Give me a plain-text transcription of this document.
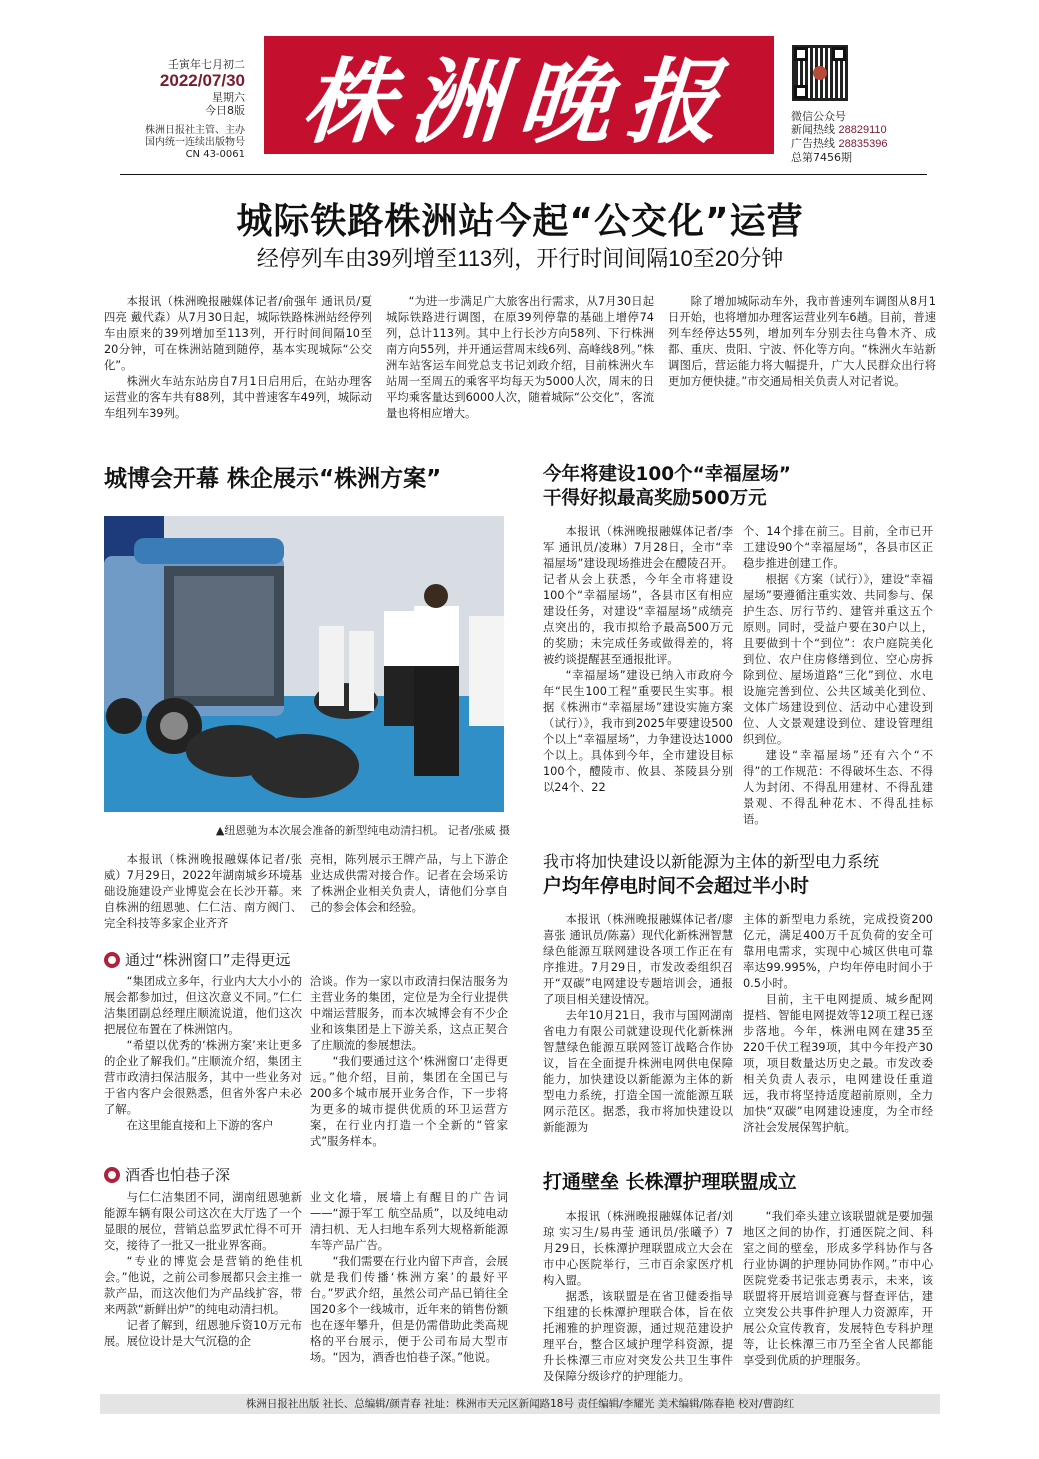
壬寅年七月初二
2022/07/30
星期六
今日8版
株洲日报社主管、主办
国内统一连续出版物号
CN 43-0061 株洲晚报	微信公众号
新闻热线 28829110
广告热线 28835396
总第7456期
城际铁路株洲站今起“公交化”运营
经停列车由39列增至113列，开行时间间隔10至20分钟

本报讯（株洲晚报融媒体记者/俞强年 通讯员/夏四亮 戴代森）从7月30日起，城际铁路株洲站经停列车由原来的39列增加至113列，开行时间间隔10至20分钟，可在株洲站随到随停，基本实现城际“公交化”。

株洲火车站东站房自7月1日启用后，在站办理客运营业的客车共有88列，其中普速客车49列，城际动车组列车39列。

“为进一步满足广大旅客出行需求，从7月30日起城际铁路进行调图，在原39列停靠的基础上增停74列，总计113列。其中上行长沙方向58列、下行株洲南方向55列，并开通运营周末线6列、高峰线8列。”株洲车站客运车间党总支书记刘政介绍，目前株洲火车站周一至周五的乘客平均每天为5000人次，周末的日平均乘客量达到6000人次，随着城际“公交化”，客流量也将相应增大。

除了增加城际动车外，我市普速列车调图从8月1日开始，也将增加办理客运营业列车6趟。目前，普速列车经停达55列，增加列车分别去往乌鲁木齐、成都、重庆、贵阳、宁波、怀化等方向。“株洲火车站新调图后，营运能力将大幅提升，广大人民群众出行将更加方便快捷。”市交通局相关负责人对记者说。

城博会开幕 株企展示“株洲方案”
▲纽恩驰为本次展会准备的新型纯电动清扫机。 记者/张威 摄

本报讯（株洲晚报融媒体记者/张威）7月29日，2022年湖南城乡环境基础设施建设产业博览会在长沙开幕。来自株洲的纽恩驰、仁仁洁、南方阀门、完全科技等多家企业齐齐

亮相，陈列展示王牌产品，与上下游企业达成供需对接合作。记者在会场采访了株洲企业相关负责人，请他们分享自己的参会体会和经验。

通过“株洲窗口”走得更远

“集团成立多年，行业内大大小小的展会都参加过，但这次意义不同。”仁仁洁集团副总经理庄顺流说道，他们这次把展位布置在了株洲馆内。

“希望以优秀的‘株洲方案’来让更多的企业了解我们。”庄顺流介绍，集团主营市政清扫保洁服务，其中一些业务对于省内客户会很熟悉，但省外客户未必了解。

在这里能直接和上下游的客户

洽谈。作为一家以市政清扫保洁服务为主营业务的集团，定位是为全行业提供中端运营服务，而本次城博会有不少企业和该集团是上下游关系，这点正契合了庄顺流的参展想法。

“我们要通过这个‘株洲窗口’走得更远。”他介绍，目前，集团在全国已与200多个城市展开业务合作，下一步将为更多的城市提供优质的环卫运营方案，在行业内打造一个全新的“管家式”服务样本。

酒香也怕巷子深

与仁仁洁集团不同，湖南纽恩驰新能源车辆有限公司这次在大厅选了一个显眼的展位，营销总监罗武忙得不可开交，接待了一批又一批业界客商。

“专业的博览会是营销的绝佳机会。”他说，之前公司参展都只会主推一款产品，而这次他们为产品线扩容，带来两款“新鲜出炉”的纯电动清扫机。

记者了解到，纽恩驰斥资10万元布展。展位设计是大气沉稳的企

业文化墙，展墙上有醒目的广告词——“源于军工 航空品质”，以及纯电动清扫机、无人扫地车系列大规格新能源车等产品广告。

“我们需要在行业内留下声音，会展就是我们传播‘株洲方案’的最好平台。”罗武介绍，虽然公司产品已销往全国20多个一线城市，近年来的销售份额也在逐年攀升，但是仍需借助此类高规格的平台展示，便于公司布局大型市场。“因为，酒香也怕巷子深。”他说。

今年将建设100个“幸福屋场”
干得好拟最高奖励500万元

本报讯（株洲晚报融媒体记者/李军 通讯员/凌琳）7月28日，全市“幸福屋场”建设现场推进会在醴陵召开。记者从会上获悉，今年全市将建设100个“幸福屋场”，各县市区有相应建设任务，对建设“幸福屋场”成绩亮点突出的，我市拟给予最高500万元的奖励；未完成任务或做得差的，将被约谈提醒甚至通报批评。

“幸福屋场”建设已纳入市政府今年“民生100工程”重要民生实事。根据《株洲市“幸福屋场”建设实施方案（试行）》，我市到2025年要建设500个以上“幸福屋场”，力争建设达1000个以上。具体到今年，全市建设目标100个，醴陵市、攸县、茶陵县分别以24个、22

个、14个排在前三。目前，全市已开工建设90个“幸福屋场”，各县市区正稳步推进创建工作。

根据《方案（试行）》，建设“幸福屋场”要遵循注重实效、共同参与、保护生态、厉行节约、建管并重这五个原则。同时，受益户要在30户以上，且要做到十个“到位”：农户庭院美化到位、农户住房修缮到位、空心房拆除到位、屋场道路“三化”到位、水电设施完善到位、公共区域美化到位、文体广场建设到位、活动中心建设到位、人文景观建设到位、建设管理组织到位。

建设“幸福屋场”还有六个“不得”的工作规范：不得破坏生态、不得人为封闭、不得乱用建材、不得乱建景观、不得乱种花木、不得乱挂标语。

我市将加快建设以新能源为主体的新型电力系统
户均年停电时间不会超过半小时

本报讯（株洲晚报融媒体记者/廖喜张 通讯员/陈嘉）现代化新株洲智慧绿色能源互联网建设各项工作正在有序推进。7月29日，市发改委组织召开“双碳”电网建设专题培训会，通报了项目相关建设情况。

去年10月21日，我市与国网湖南省电力有限公司就建设现代化新株洲智慧绿色能源互联网签订战略合作协议，旨在全面提升株洲电网供电保障能力，加快建设以新能源为主体的新型电力系统，打造全国一流能源互联网示范区。据悉，我市将加快建设以新能源为

主体的新型电力系统，完成投资200亿元，满足400万千瓦负荷的安全可靠用电需求，实现中心城区供电可靠率达99.995%，户均年停电时间小于0.5小时。

目前，主干电网提质、城乡配网提档、智能电网提效等12项工程已逐步落地。今年，株洲电网在建35至220千伏工程39项，其中今年投产30项，项目数量达历史之最。市发改委相关负责人表示，电网建设任重道远，我市将坚持适度超前原则，全力加快“双碳”电网建设速度，为全市经济社会发展保驾护航。

打通壁垒 长株潭护理联盟成立

本报讯（株洲晚报融媒体记者/刘琼 实习生/易冉莹 通讯员/张曦予）7月29日，长株潭护理联盟成立大会在市中心医院举行，三市百余家医疗机构入盟。

据悉，该联盟是在省卫健委指导下组建的长株潭护理联合体，旨在依托湘雅的护理资源，通过规范建设护理平台，整合区域护理学科资源，提升长株潭三市应对突发公共卫生事件及保障分级诊疗的护理能力。

“我们牵头建立该联盟就是要加强地区之间的协作，打通医院之间、科室之间的壁垒，形成多学科协作与各行业协调的护理协同协作网。”市中心医院党委书记张志勇表示，未来，该联盟将开展培训竞赛与督查评估，建立突发公共事件护理人力资源库，开展公众宣传教育，发展特色专科护理等，让长株潭三市乃至全省人民都能享受到优质的护理服务。

株洲日报社出版 社长、总编辑/颜青春 社址：株洲市天元区新闻路18号 责任编辑/李耀光 美术编辑/陈春艳 校对/曹韵红
